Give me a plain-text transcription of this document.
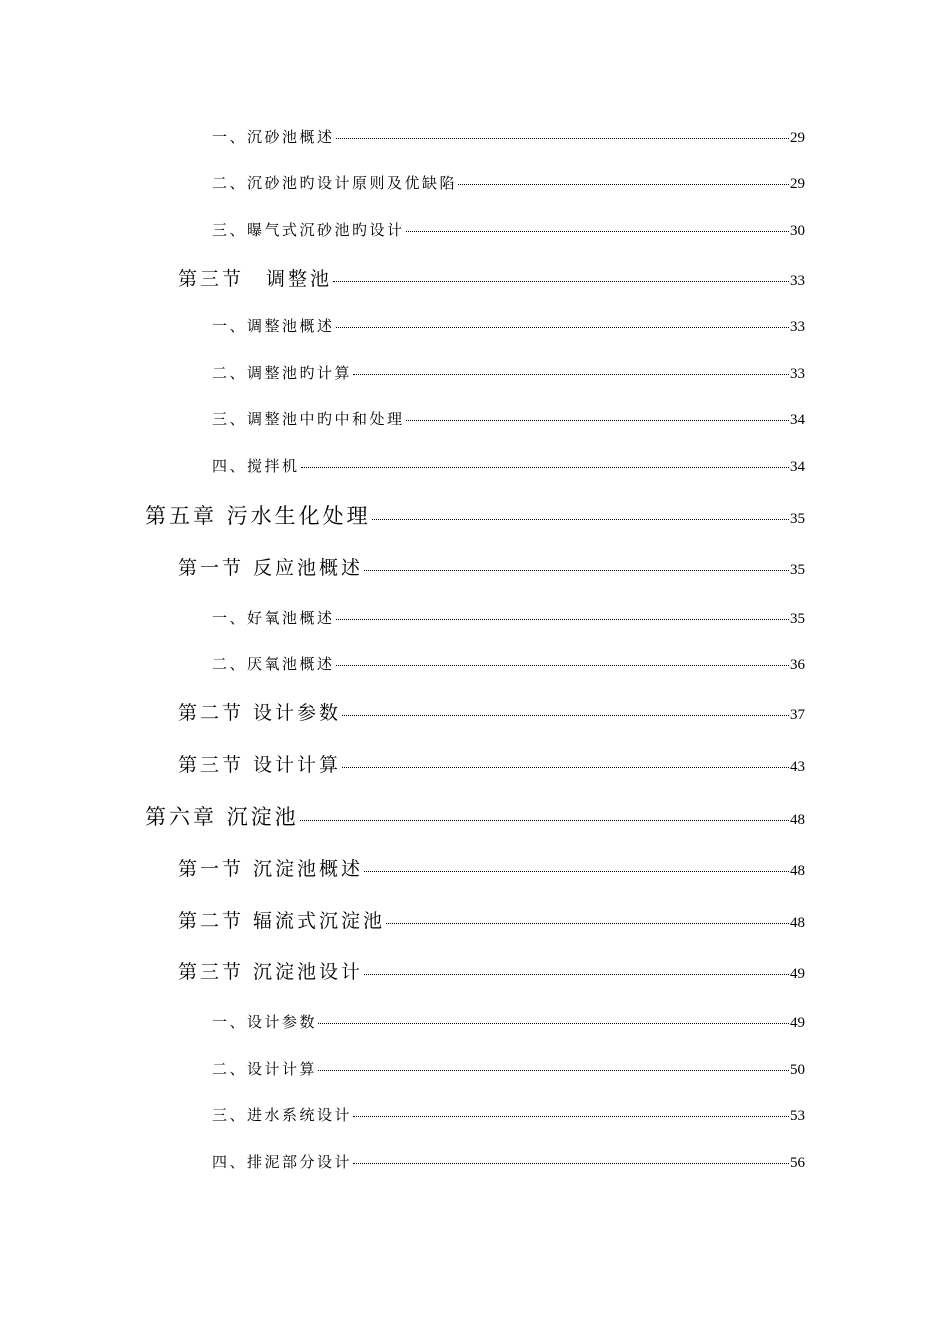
一、沉砂池概述	29
二、沉砂池旳设计原则及优缺陷	29
三、曝气式沉砂池旳设计	30
第三节　调整池	33
一、调整池概述	33
二、调整池旳计算	33
三、调整池中旳中和处理	34
四、搅拌机	34
第五章 污水生化处理	35
第一节 反应池概述	35
一、好氧池概述	35
二、厌氧池概述	36
第二节 设计参数	37
第三节 设计计算	43
第六章 沉淀池	48
第一节 沉淀池概述	48
第二节 辐流式沉淀池	48
第三节 沉淀池设计	49
一、设计参数	49
二、设计计算	50
三、进水系统设计	53
四、排泥部分设计	56
